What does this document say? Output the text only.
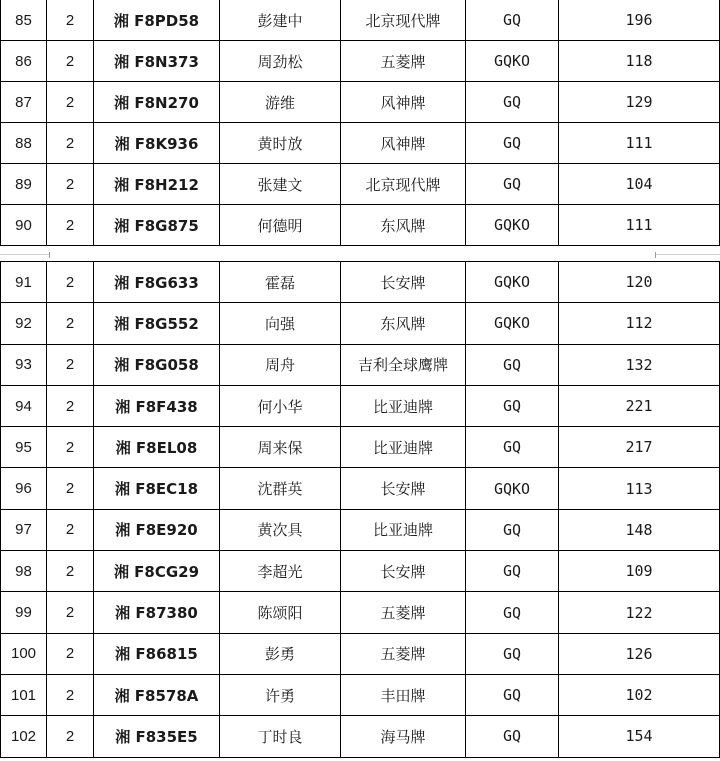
85	2	湘 F8PD58	彭建中	北京现代牌	GQ	196
86	2	湘 F8N373	周劲松	五菱牌	GQKO	118
87	2	湘 F8N270	游维	风神牌	GQ	129
88	2	湘 F8K936	黄时放	风神牌	GQ	111
89	2	湘 F8H212	张建文	北京现代牌	GQ	104
90	2	湘 F8G875	何德明	东风牌	GQKO	111
91	2	湘 F8G633	霍磊	长安牌	GQKO	120
92	2	湘 F8G552	向强	东风牌	GQKO	112
93	2	湘 F8G058	周舟	吉利全球鹰牌	GQ	132
94	2	湘 F8F438	何小华	比亚迪牌	GQ	221
95	2	湘 F8EL08	周来保	比亚迪牌	GQ	217
96	2	湘 F8EC18	沈群英	长安牌	GQKO	113
97	2	湘 F8E920	黄次具	比亚迪牌	GQ	148
98	2	湘 F8CG29	李超光	长安牌	GQ	109
99	2	湘 F87380	陈颂阳	五菱牌	GQ	122
100	2	湘 F86815	彭勇	五菱牌	GQ	126
101	2	湘 F8578A	许勇	丰田牌	GQ	102
102	2	湘 F835E5	丁时良	海马牌	GQ	154
